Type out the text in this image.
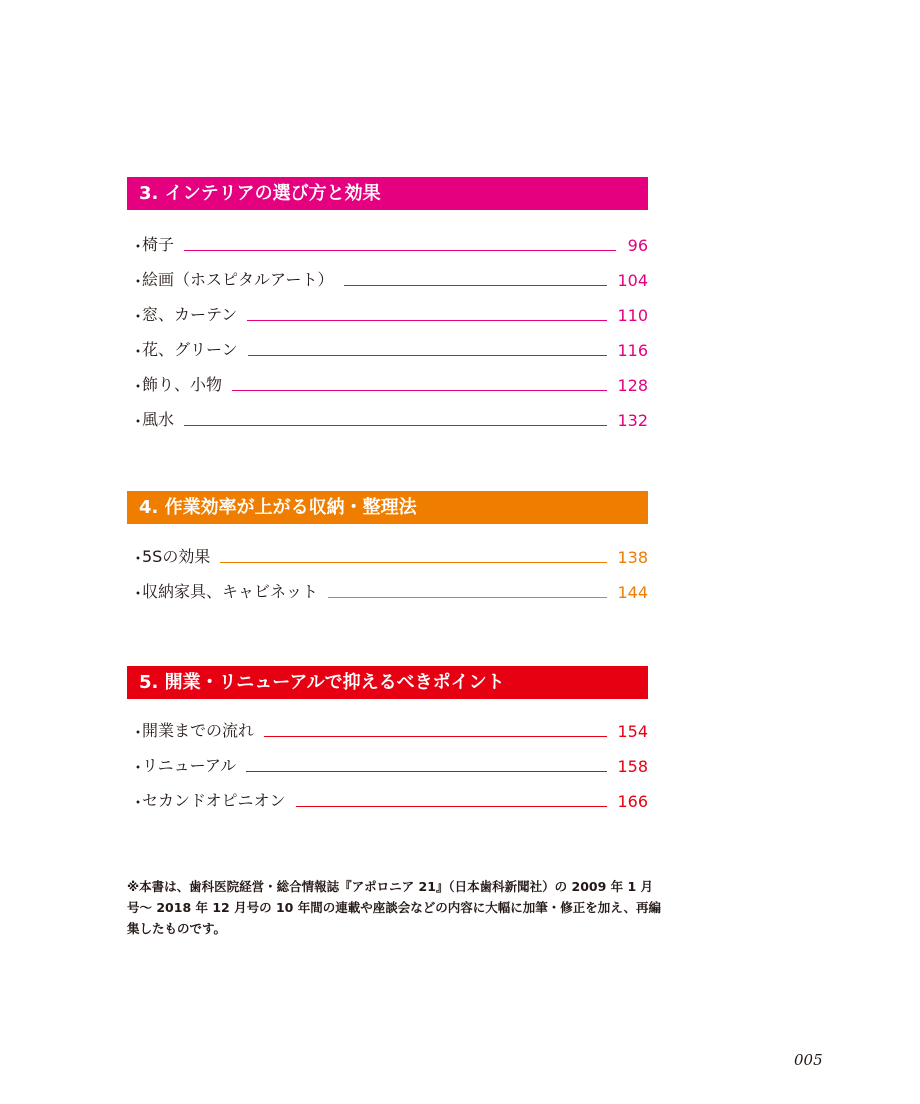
3. インテリアの選び方と効果
・
椅子	96
・
絵画（ホスピタルアート）	104
・
窓、カーテン	110
・
花、グリーン	116
・
飾り、小物	128
・
風水	132
4. 作業効率が上がる収納・整理法
・
5Sの効果	138
・
収納家具、キャビネット	144
5. 開業・リニューアルで抑えるべきポイント
・
開業までの流れ	154
・
リニューアル	158
・
セカンドオピニオン	166

※本書は、歯科医院経営・総合情報誌『アポロニア 21』（日本歯科新聞社）の 2009 年 1 月号〜 2018 年 12 月号の 10 年間の連載や座談会などの内容に大幅に加筆・修正を加え、再編集したものです。

005
